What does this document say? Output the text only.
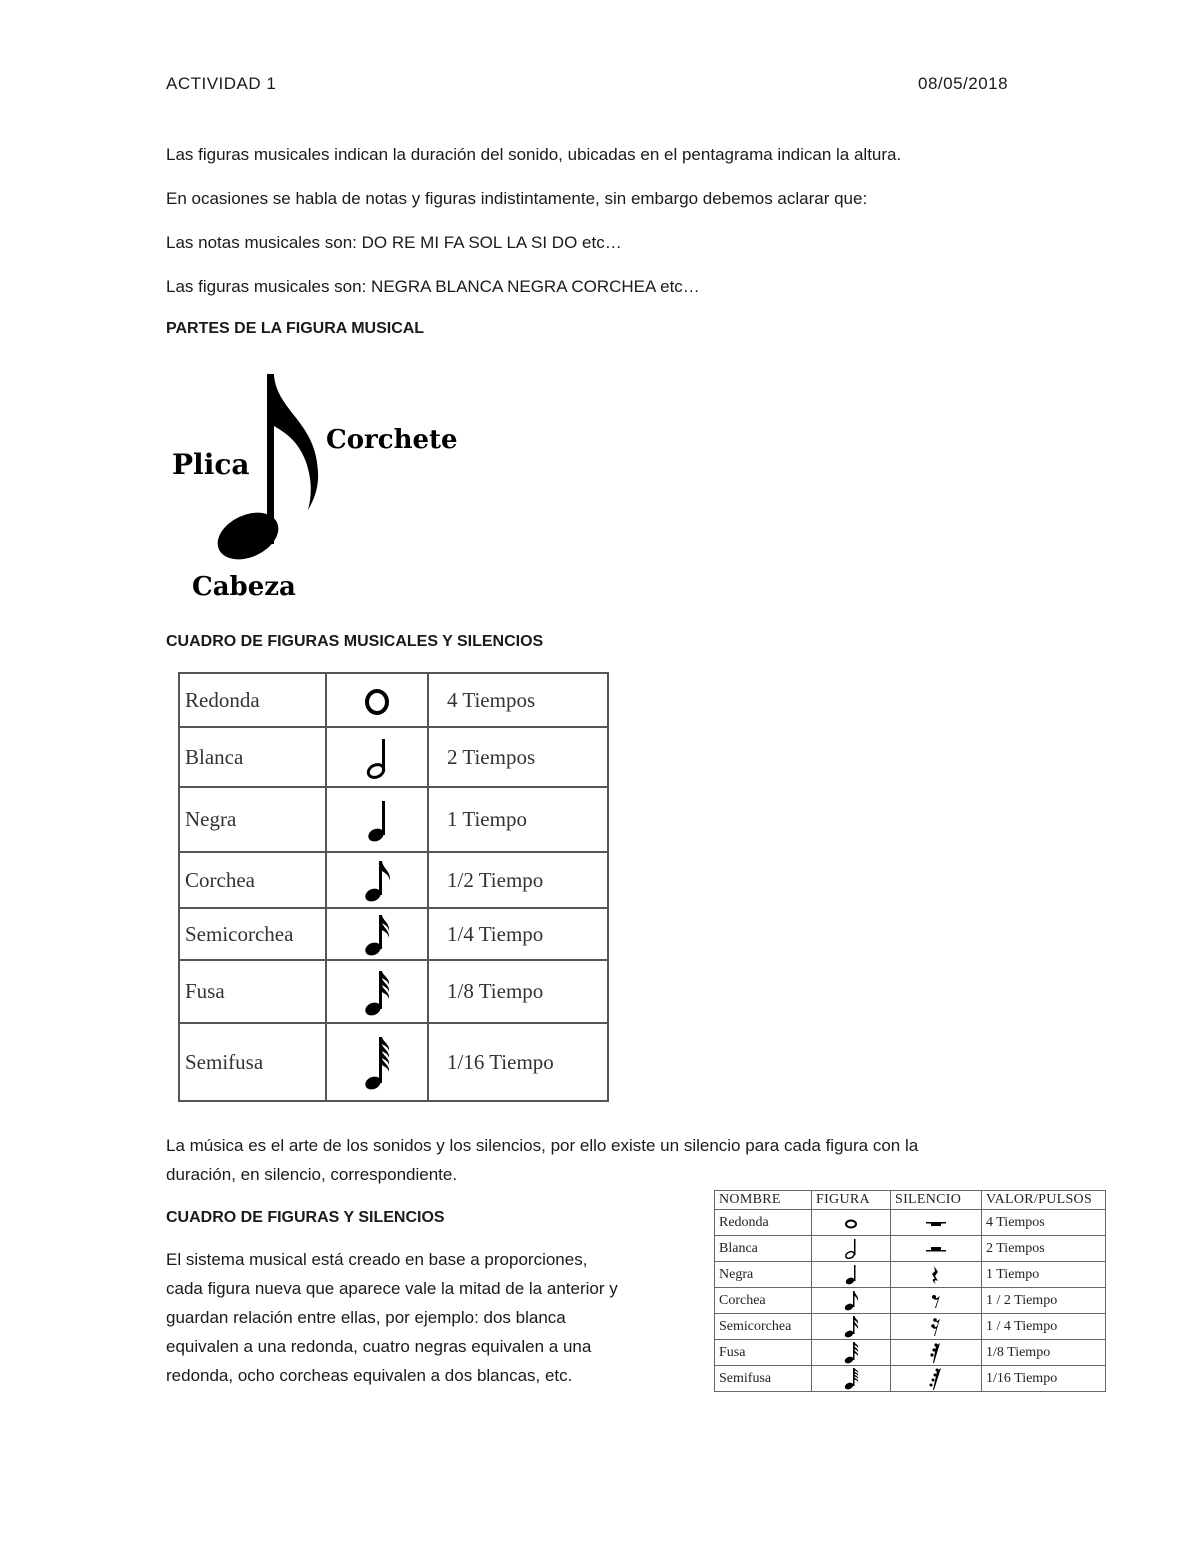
ACTIVIDAD 1	08/05/2018
Las figuras musicales indican la duración del sonido, ubicadas en el pentagrama indican la altura.
En ocasiones se habla de notas y figuras indistintamente, sin embargo debemos aclarar que:
Las notas musicales son: DO RE MI FA SOL LA SI DO etc…
Las figuras musicales son: NEGRA BLANCA NEGRA CORCHEA etc…
PARTES DE LA FIGURA MUSICAL
Plica
Corchete
Cabeza
CUADRO DE FIGURAS MUSICALES Y SILENCIOS
Redonda		4 Tiempos
Blanca		2 Tiempos
Negra		1 Tiempo
Corchea		1/2 Tiempo
Semicorchea		1/4 Tiempo
Fusa		1/8 Tiempo
Semifusa		1/16 Tiempo
La música es el arte de los sonidos y los silencios, por ello existe un silencio para cada figura con la
duración, en silencio, correspondiente.
CUADRO DE FIGURAS Y SILENCIOS
El sistema musical está creado en base a proporciones,
cada figura nueva que aparece vale la mitad de la anterior y
guardan relación entre ellas, por ejemplo: dos blanca
equivalen a una redonda, cuatro negras equivalen a una
redonda, ocho corcheas equivalen a dos blancas, etc.
NOMBRE	FIGURA	SILENCIO	VALOR/PULSOS
Redonda			4 Tiempos
Blanca			2 Tiempos
Negra			1 Tiempo
Corchea			1 / 2 Tiempo
Semicorchea			1 / 4 Tiempo
Fusa			1/8 Tiempo
Semifusa			1/16 Tiempo
